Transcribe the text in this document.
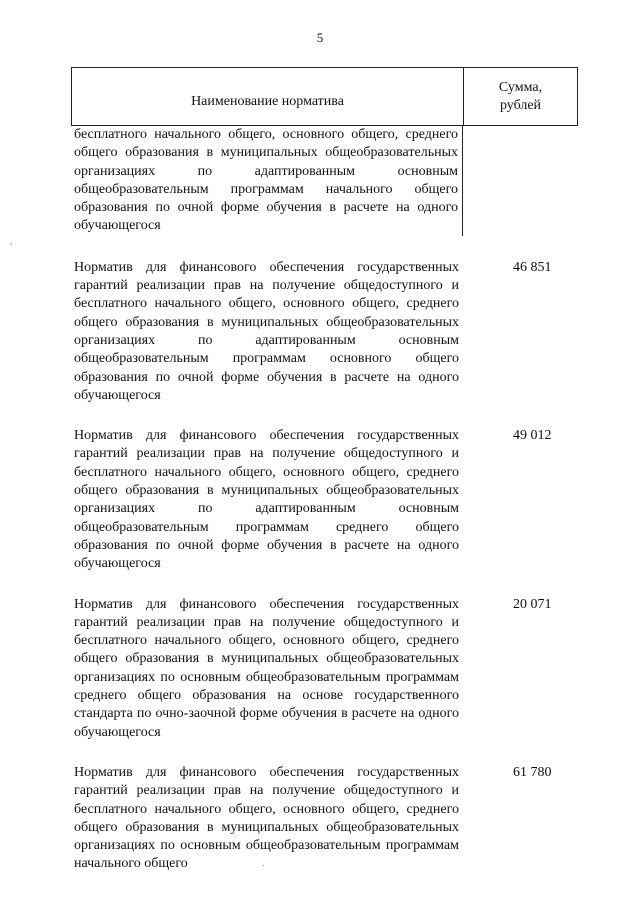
5
Наименование норматива
Сумма,
рублей
бесплатного начального общего, основного общего, среднего общего образования в муниципальных общеобразовательных организациях по адаптированным основным общеобразовательным программам начального общего образования по очной форме обучения в расчете на одного обучающегося
Норматив для финансового обеспечения государственных гарантий реализации прав на получение общедоступного и бесплатного начального общего, основного общего, среднего общего образования в муниципальных общеобразовательных организациях по адаптированным основным общеобразовательным программам основного общего образования по очной форме обучения в расчете на одного обучающегося
46 851
Норматив для финансового обеспечения государственных гарантий реализации прав на получение общедоступного и бесплатного начального общего, основного общего, среднего общего образования в муниципальных общеобразовательных организациях по адаптированным основным общеобразовательным программам среднего общего образования по очной форме обучения в расчете на одного обучающегося
49 012
Норматив для финансового обеспечения государственных гарантий реализации прав на получение общедоступного и бесплатного начального общего, основного общего, среднего общего образования в муниципальных общеобразовательных организациях по основным общеобразовательным программам среднего общего образования на основе государственного стандарта по очно-заочной форме обучения в расчете на одного обучающегося
20 071
Норматив для финансового обеспечения государственных гарантий реализации прав на получение общедоступного и бесплатного начального общего, основного общего, среднего общего образования в муниципальных общеобразовательных организациях по основным общеобразовательным программам начального общего
61 780
,
.
